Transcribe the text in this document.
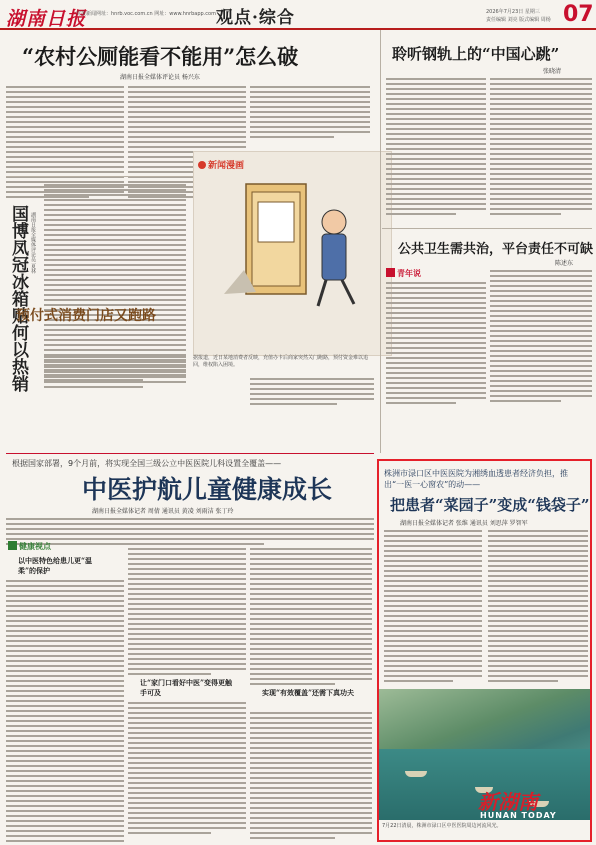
湖南日报
党报新闻网址：hnrb.voc.com.cn 网址：www.hnrbapp.com 观点·综合	2026年7月23日 星期三
责任编辑 刘亮 版式编辑 周杨 07
“农村公厕能看不能用”怎么破
湖南日报全媒体评论员 杨兴东
国博凤冠冰箱贴何以热销 湖南日报全媒体评论员 夏林
新闻漫画
预付式消费门店又跑路
据报道，近日某地消费者反映，充值办卡后商家突然关门跑路，预付资金难以追回，维权陷入困境。
聆听钢轨上的“中国心跳”
张晓清
公共卫生需共治，平台责任不可缺
陈述东
青年说
根据国家部署，9个月前，将实现全国三级公立中医医院儿科设置全覆盖——
中医护航儿童健康成长
湖南日报全媒体记者 周倩 通讯员 黄凌 刘雨洁 张丁玲
健康视点
以中医特色给患儿更“温柔”的保护
让“家门口看好中医”变得更触手可及	实现“有效覆盖”还需下真功夫
株洲市渌口区中医医院为湘绣血透患者经济负担，推出“一医一心窗农”的动——
把患者“菜园子”变成“钱袋子”
湖南日报全媒体记者 张维 通讯员 刘思萍 罗智军
新湖南
HUNAN TODAY
7月22日清晨，株洲市渌口区中医医院周边河流风光。
